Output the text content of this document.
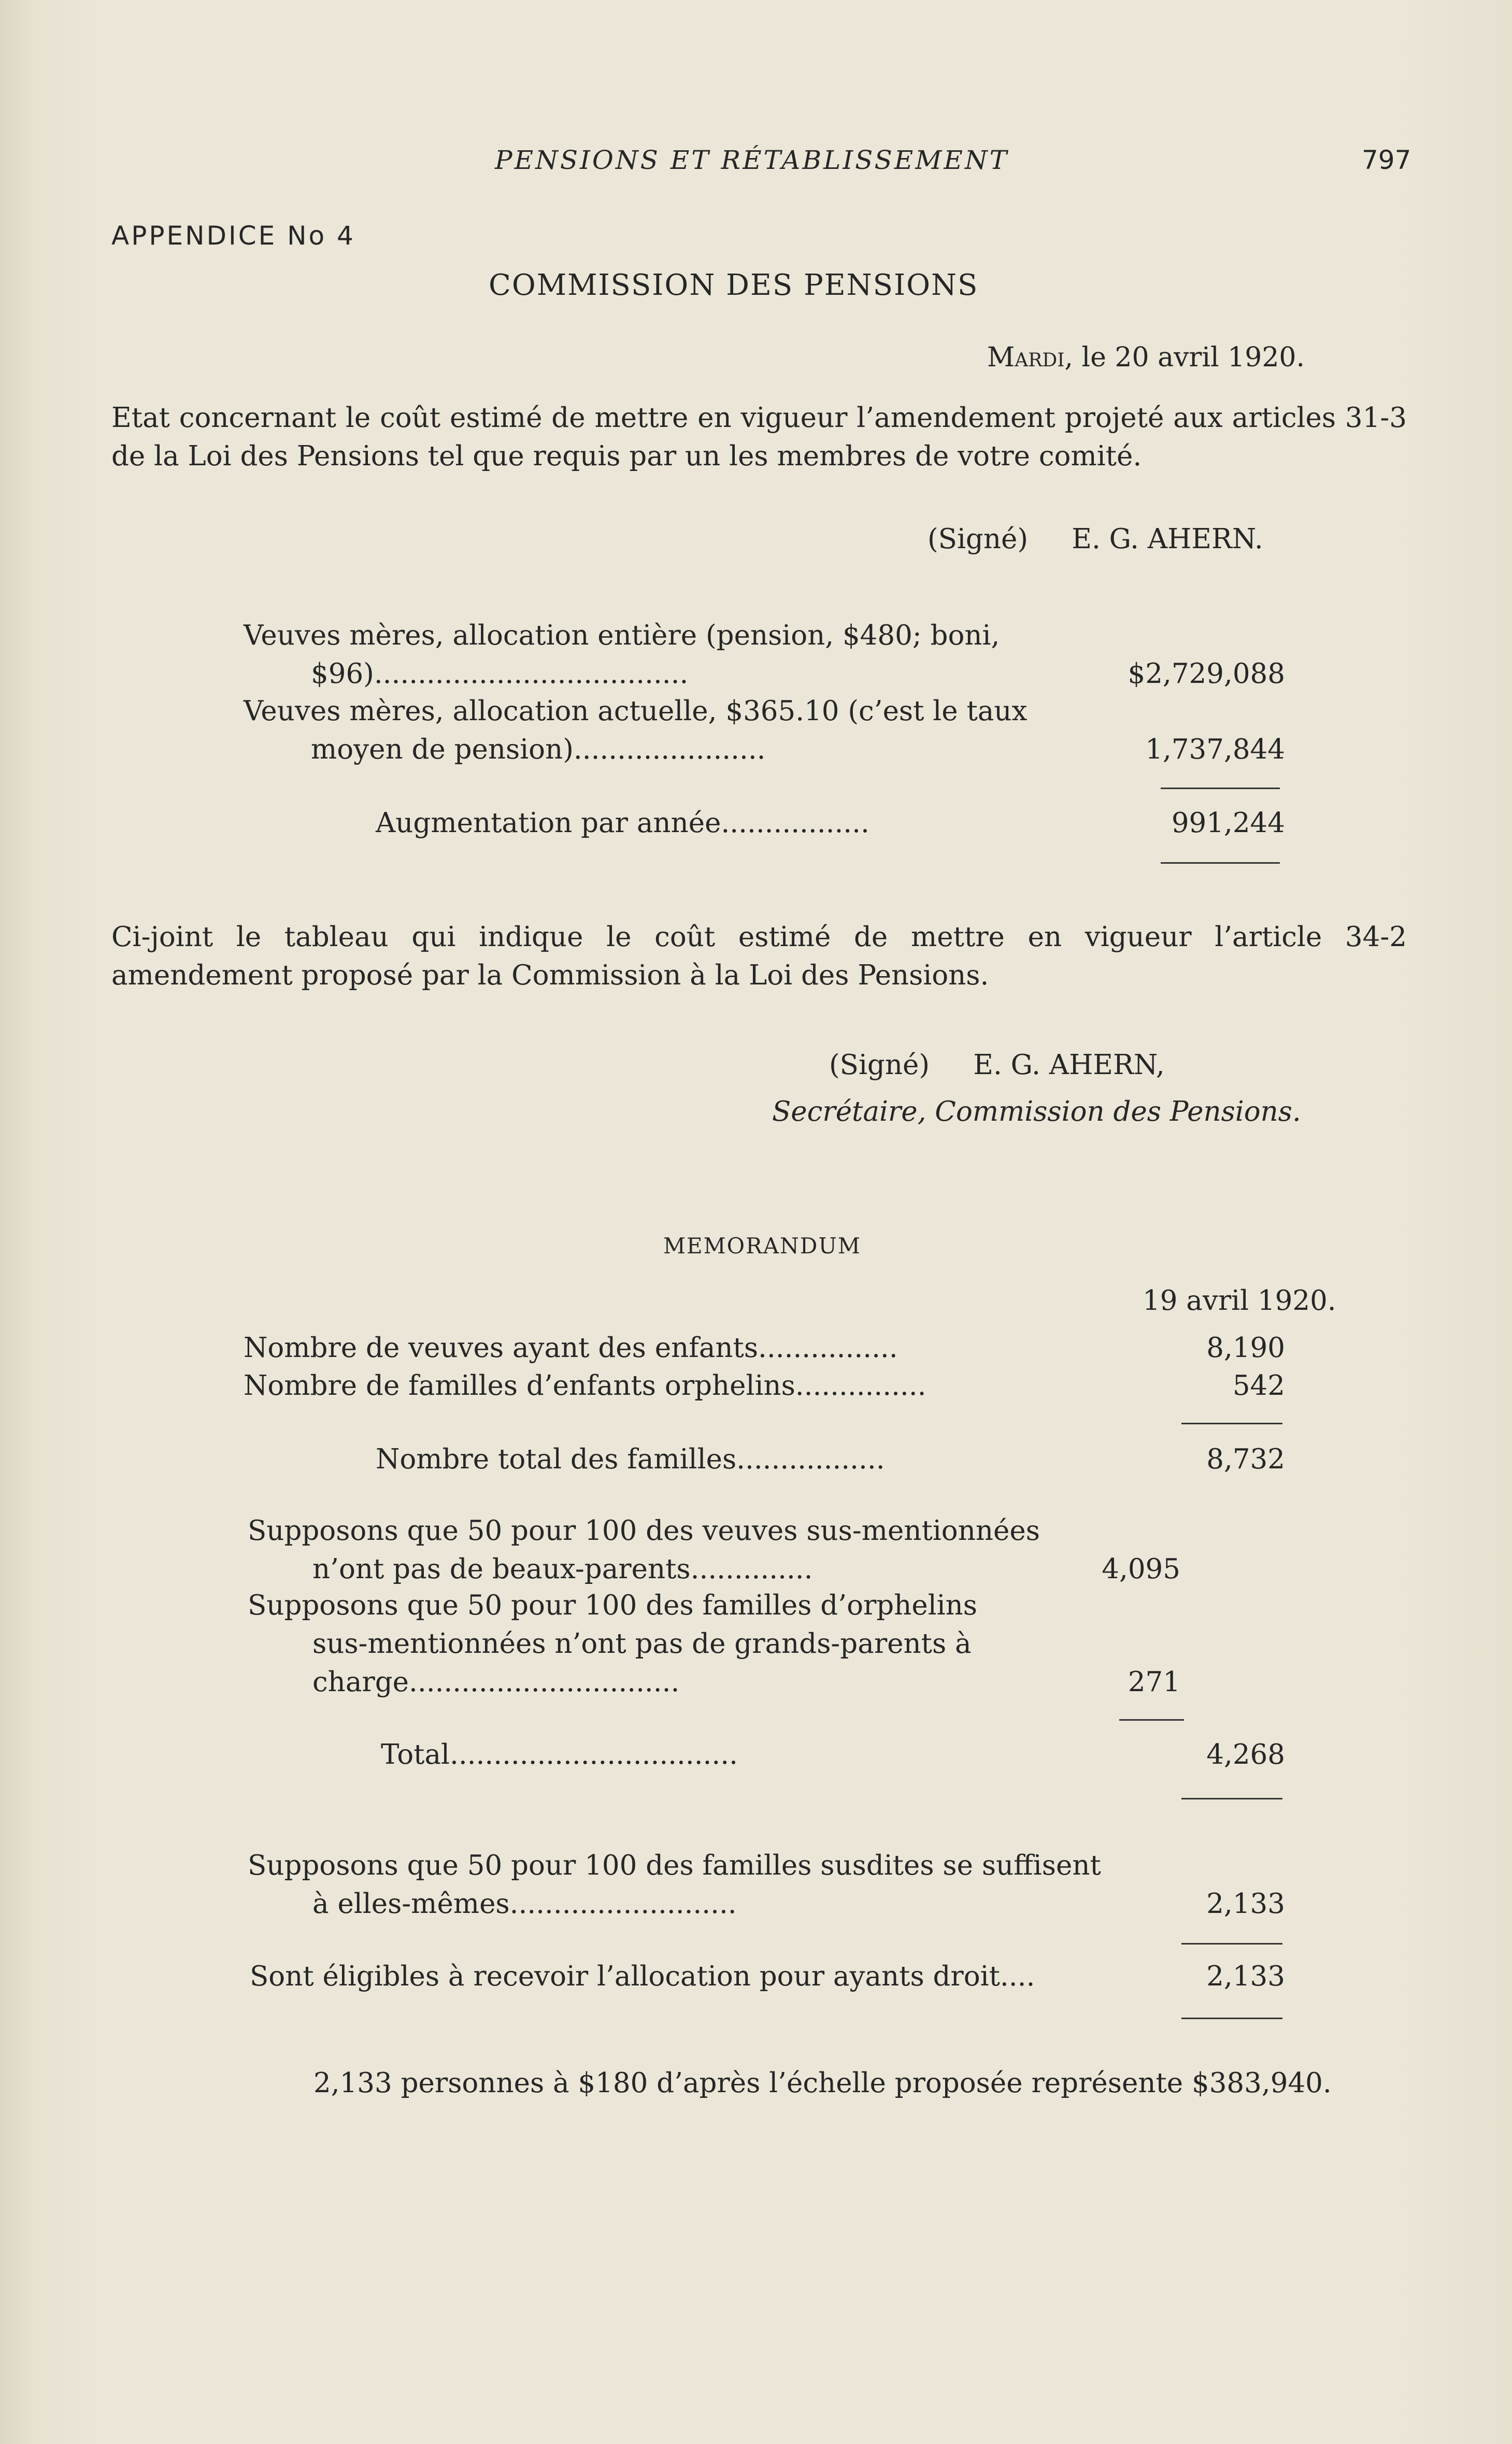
PENSIONS ET RÉTABLISSEMENT	797
APPENDICE No 4
COMMISSION DES PENSIONS
Mardi, le 20 avril 1920.
Etat concernant le coût estimé de mettre en vigueur l’amendement projeté aux articles 31-3 de la Loi des Pensions tel que requis par un les membres de votre comité.
(Signé)     E. G. AHERN.
Veuves mères, allocation entière (pension, $480; boni,
$96)....................................	$2,729,088
Veuves mères, allocation actuelle, $365.10 (c’est le taux
moyen de pension)......................	1,737,844
Augmentation par année.................	991,244
Ci-joint le tableau qui indique le coût estimé de mettre en vigueur l’article 34-2 amendement proposé par la Commission à la Loi des Pensions.
(Signé)     E. G. AHERN,
Secrétaire, Commission des Pensions.
MEMORANDUM
19 avril 1920.
Nombre de veuves ayant des enfants................	8,190
Nombre de familles d’enfants orphelins...............	542
Nombre total des familles.................	8,732
Supposons que 50 pour 100 des veuves sus-mentionnées
n’ont pas de beaux-parents..............	4,095
Supposons que 50 pour 100 des familles d’orphelins
sus-mentionnées n’ont pas de grands-parents à
charge...............................	271
Total.................................	4,268
Supposons que 50 pour 100 des familles susdites se suffisent
à elles-mêmes..........................	2,133
Sont éligibles à recevoir l’allocation pour ayants droit....	2,133
2,133 personnes à $180 d’après l’échelle proposée représente $383,940.
